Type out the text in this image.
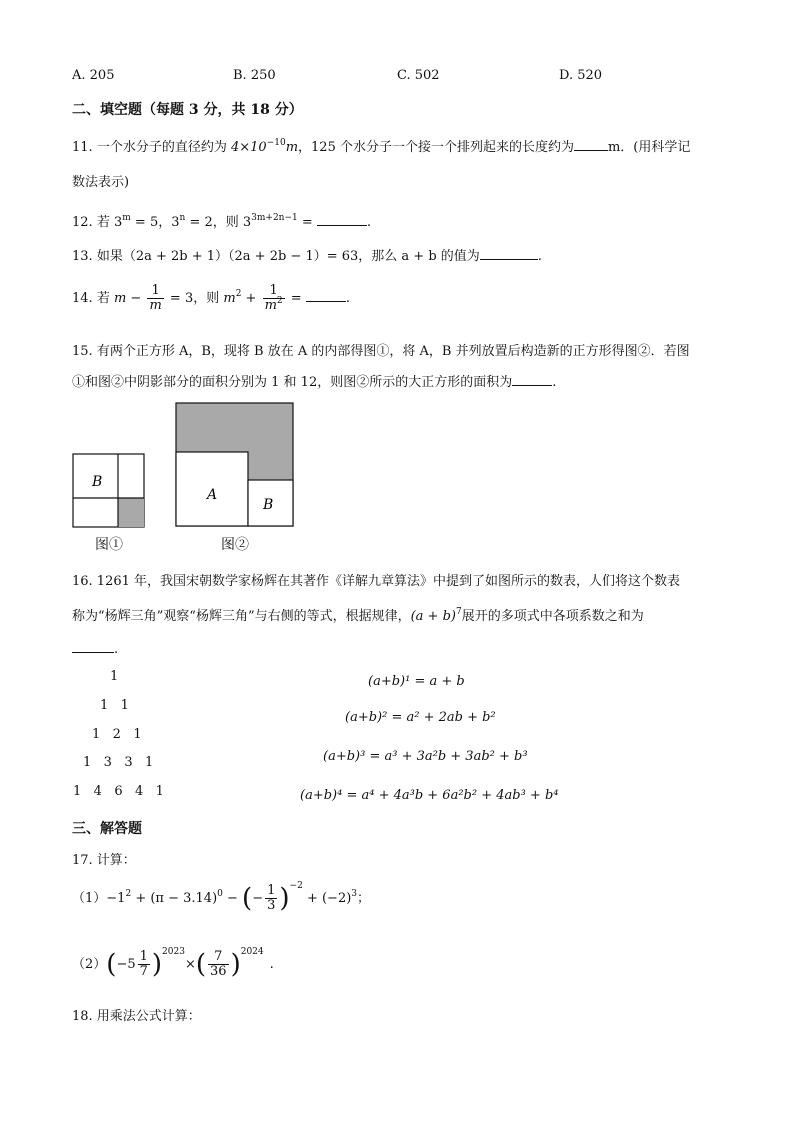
A. 205	B. 250	C. 502	D. 520
二、填空题（每题 3 分，共 18 分）
11. 一个水分子的直径约为 $4\times 10^{-10}m$，125 个水分子一个接一个排列起来的长度约为	m．(用科学记
数法表示)
12. 若 $3^m = 5$，$3^n = 2$，则 $3^{3m+2n-1}$ =	.
13. 如果（2a + 2b + 1）（2a + 2b − 1）= 63，那么 a + b 的值为	.
14. 若 $m - \frac{1}{m} = 3$，则 $m^2 + \frac{1}{m^2}$ =	.
15. 有两个正方形 A，B，现将 B 放在 A 的内部得图①，将 A，B 并列放置后构造新的正方形得图②．若图
①和图②中阴影部分的面积分别为 1 和 12，则图②所示的大正方形的面积为	.
B
图①
A
B
图②
16. 1261 年，我国宋朝数学家杨辉在其著作《详解九章算法》中提到了如图所示的数表，人们将这个数表
称为“杨辉三角”观察“杨辉三角”与右侧的等式，根据规律，$(a + b)^7$展开的多项式中各项系数之和为
.
1
1   1
1   2   1
1   3   3   1
1   4   6   4   1
(a+b)¹ = a + b
(a+b)² = a² + 2ab + b²
(a+b)³ = a³ + 3a²b + 3ab² + b³
(a+b)⁴ = a⁴ + 4a³b + 6a²b² + 4ab³ + b⁴
三、解答题
17. 计算：
$(1)-1^2 + (\pi - 3.14)^0$ − (− $\frac{1}{3} )^{-2} + (-2)^3$；
$(2)(-5 \frac{1}{7} )^{2023}\times( \frac{7}{36} )^{2024}$.
18. 用乘法公式计算：
